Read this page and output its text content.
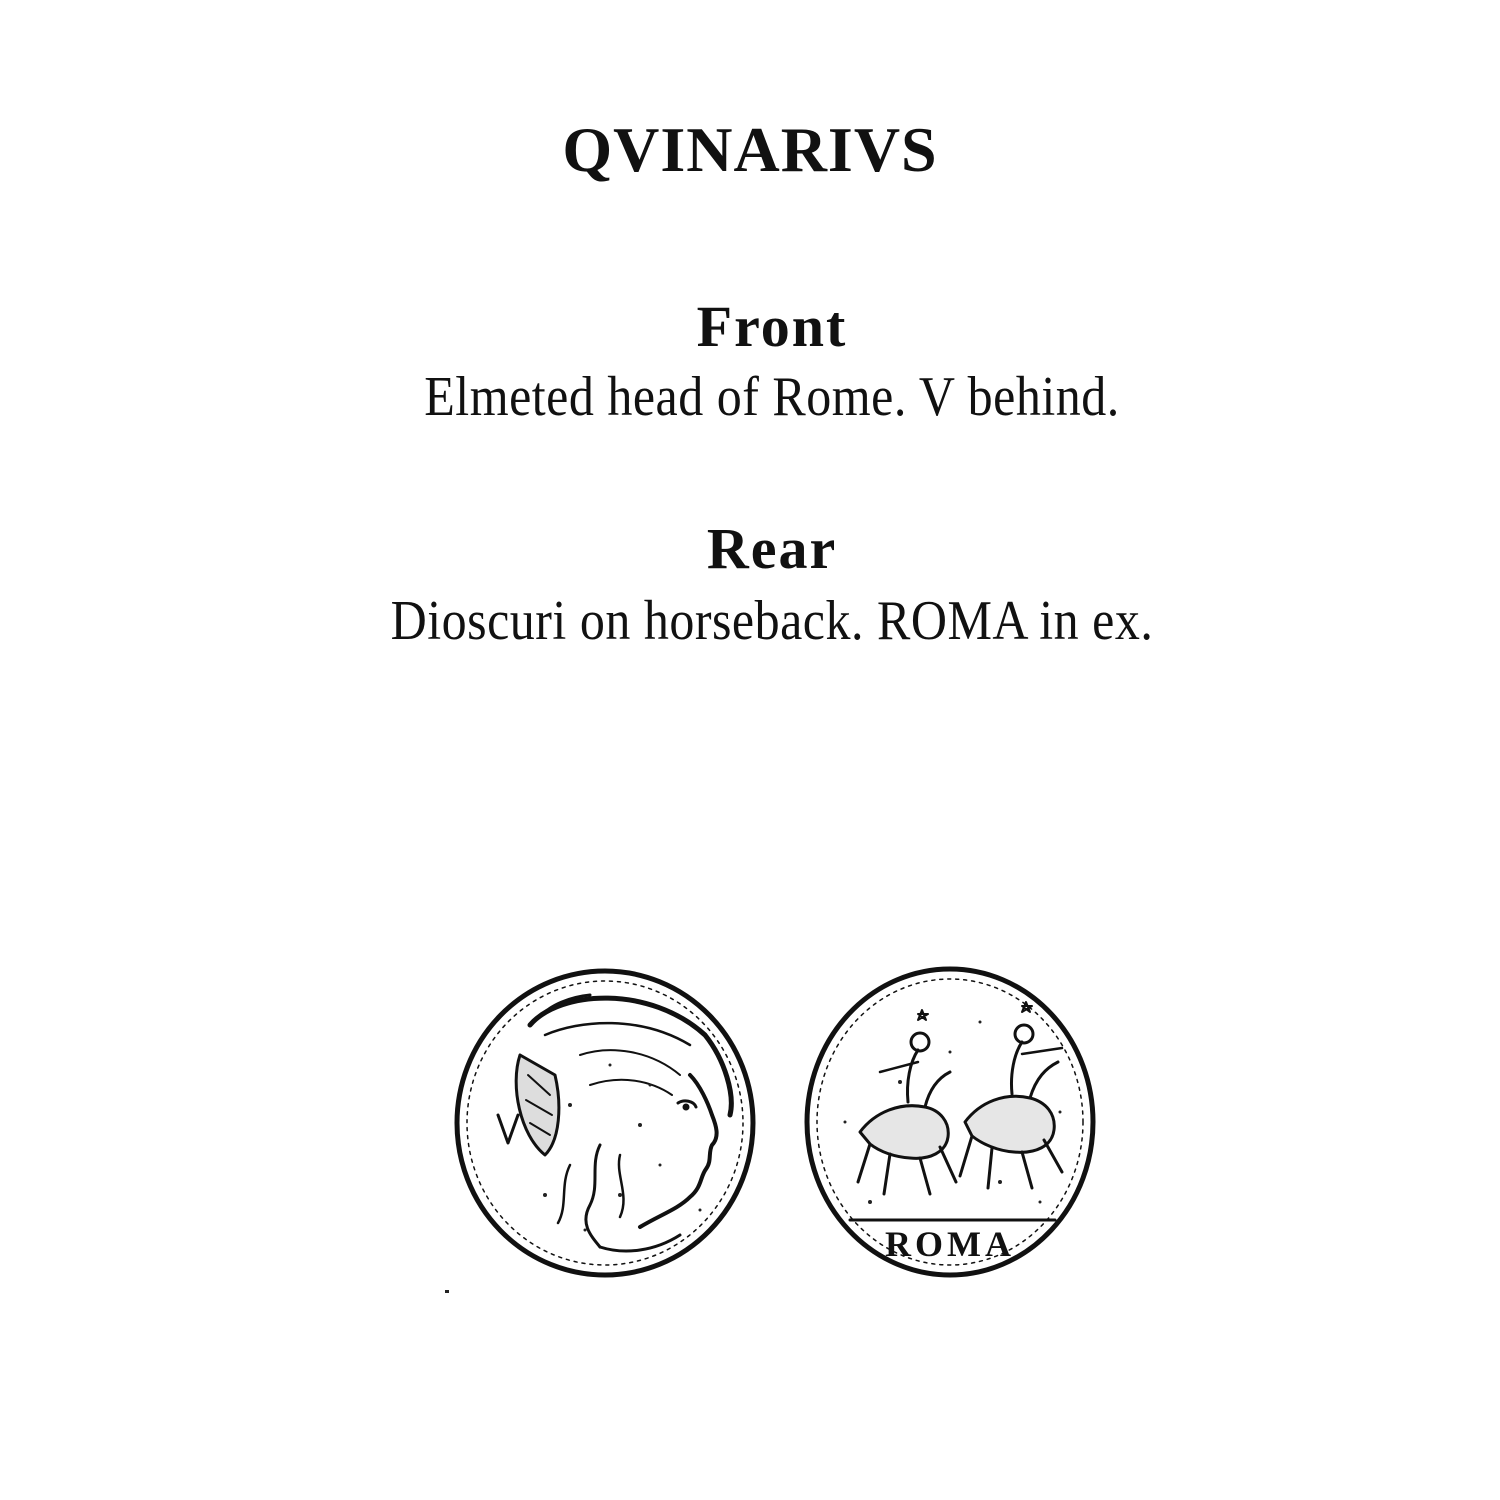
QVINARIVS
Front
Elmeted head of Rome. V behind.
Rear
Dioscuri on horseback. ROMA in ex.
ROMA
